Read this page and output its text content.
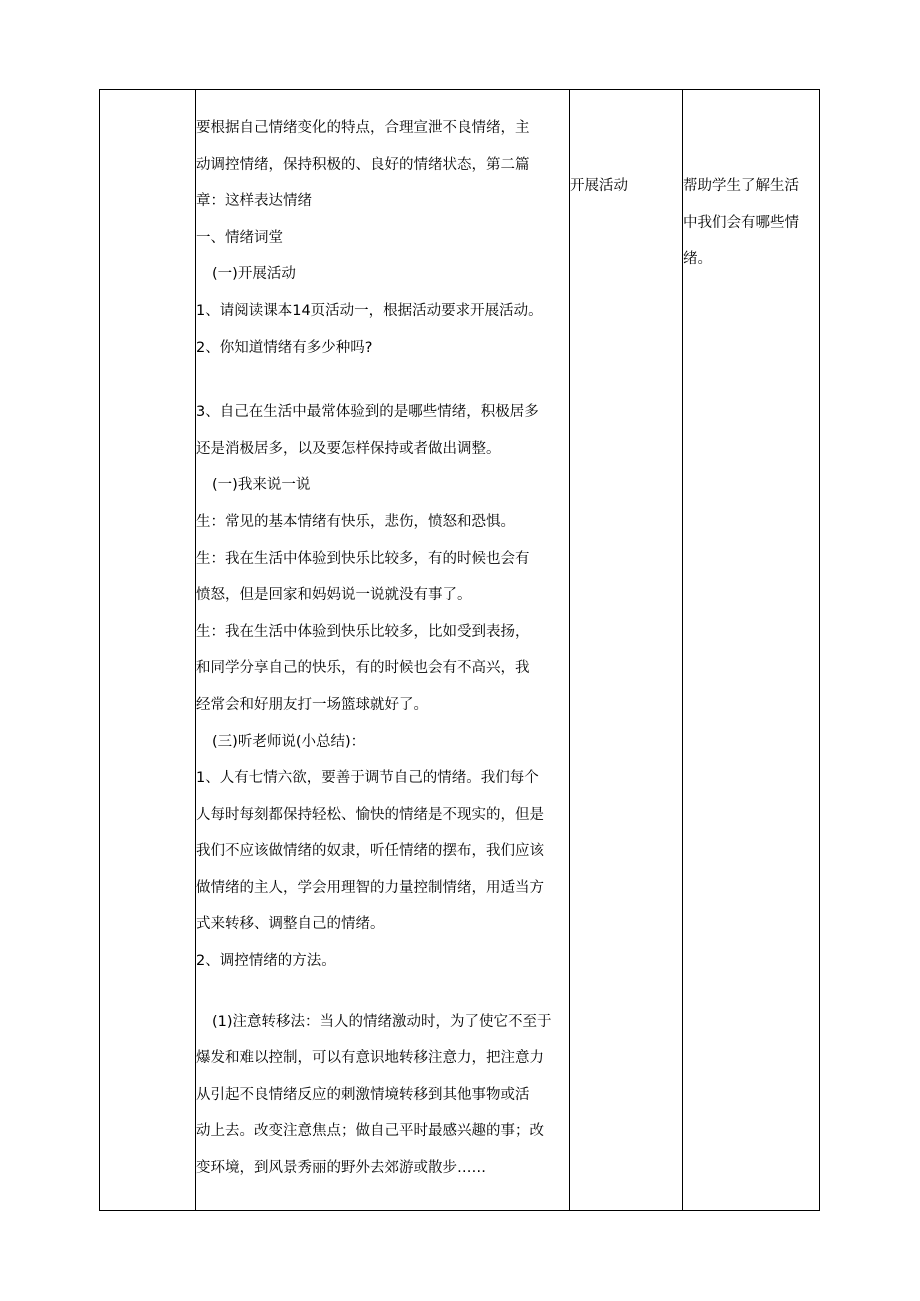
要根据自己情绪变化的特点，合理宣泄不良情绪，主

动调控情绪，保持积极的、良好的情绪状态，第二篇

章：这样表达情绪

一、情绪词堂

(一)开展活动

1、请阅读课本14页活动一，根据活动要求开展活动。

2、你知道情绪有多少种吗?

3、自己在生活中最常体验到的是哪些情绪，积极居多

还是消极居多，以及要怎样保持或者做出调整。

(一)我来说一说

生：常见的基本情绪有快乐，悲伤，愤怒和恐惧。

生：我在生活中体验到快乐比较多，有的时候也会有

愤怒，但是回家和妈妈说一说就没有事了。

生：我在生活中体验到快乐比较多，比如受到表扬，

和同学分享自己的快乐，有的时候也会有不高兴，我

经常会和好朋友打一场篮球就好了。

(三)听老师说(小总结)：

1、人有七情六欲，要善于调节自己的情绪。我们每个

人每时每刻都保持轻松、愉快的情绪是不现实的，但是

我们不应该做情绪的奴隶，听任情绪的摆布，我们应该

做情绪的主人，学会用理智的力量控制情绪，用适当方

式来转移、调整自己的情绪。

2、调控情绪的方法。

(1)注意转移法：当人的情绪激动时，为了使它不至于

爆发和难以控制，可以有意识地转移注意力，把注意力

从引起不良情绪反应的刺激情境转移到其他事物或活

动上去。改变注意焦点；做自己平时最感兴趣的事；改

变环境，到风景秀丽的野外去郊游或散步……

开展活动	帮助学生了解生活

中我们会有哪些情

绪。
